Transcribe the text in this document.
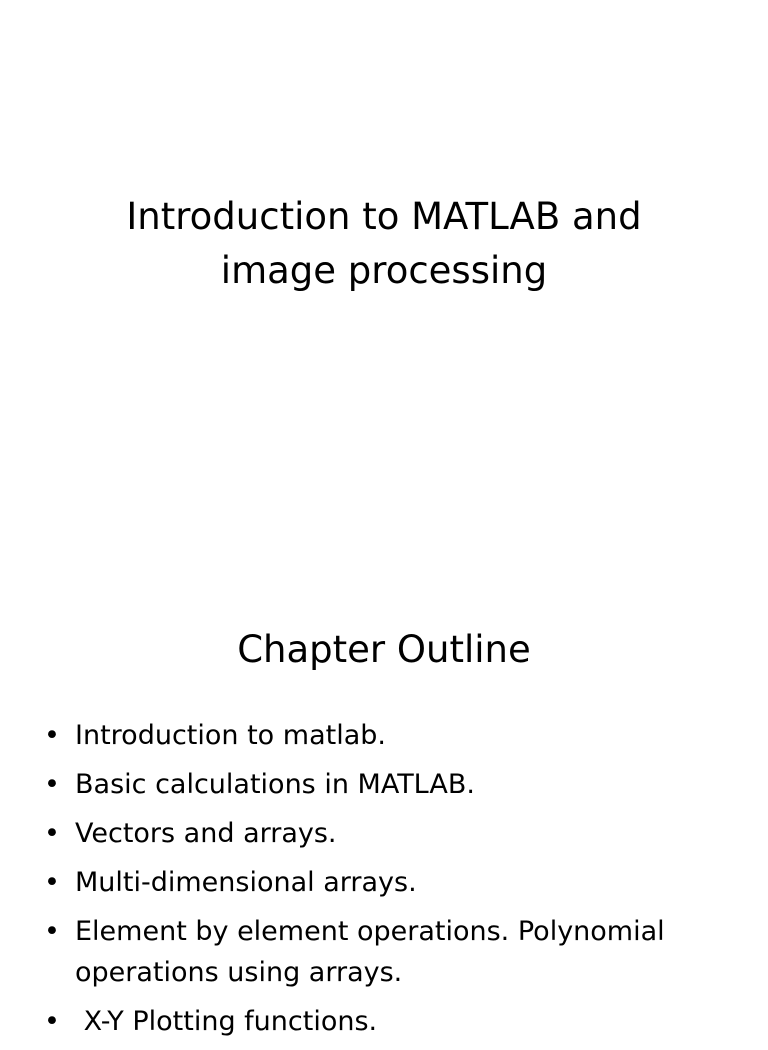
Introduction to MATLAB and
image processing
Chapter Outline
• Introduction to matlab.
• Basic calculations in MATLAB.
• Vectors and arrays.
• Multi-dimensional arrays.
• Element by element operations. Polynomial
operations using arrays.
• X-Y Plotting functions.
